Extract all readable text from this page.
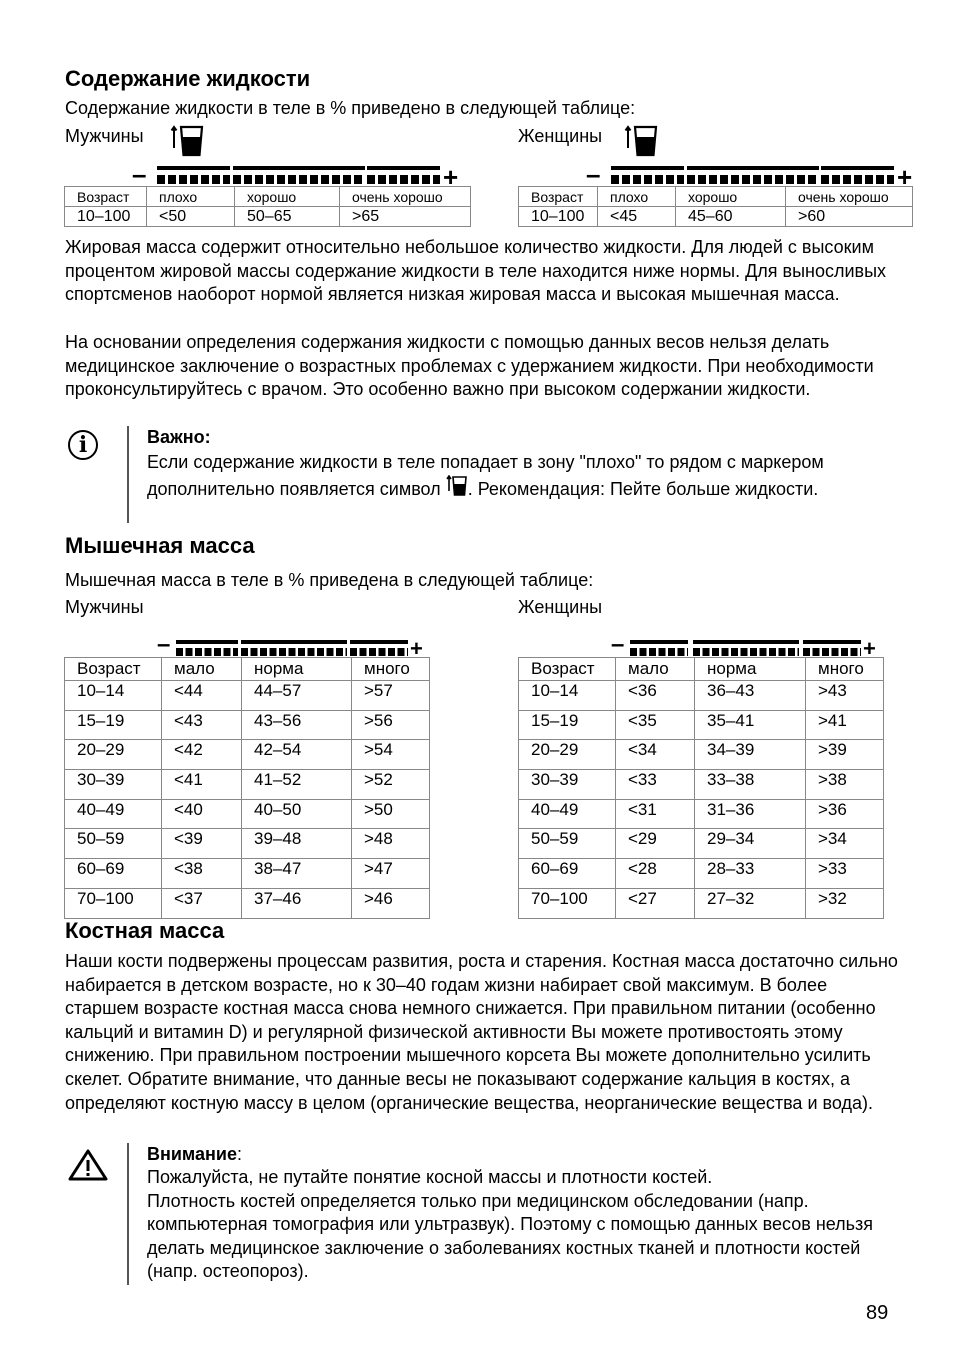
Содержание жидкости
Содержание жидкости в теле в % приведено в следующей таблице:
Мужчины	Женщины
–	+
Возраст	плохо	хорошо	очень хорошо
10–100	<50	50–65	>65
–	+
Возраст	плохо	хорошо	очень хорошо
10–100	<45	45–60	>60
Жировая масса содержит относительно небольшое количество жидкости. Для людей с высоким процентом жировой массы содержание жидкости в теле находится ниже нормы. Для выносливых спортсменов наоборот нормой является низкая жировая масса и высокая мышечная масса.
На основании определения содержания жидкости с помощью данных весов нельзя делать медицинское заключение о возрастных проблемах с удержанием жидкости. При необходимости проконсультируйтесь с врачом. Это особенно важно при высоком содержании жидкости.
i	Важно:
Если содержание жидкости в теле попадает в зону "плохо" то рядом с маркером дополнительно появляется символ . Рекомендация: Пейте больше жидкости.
Мышечная масса
Мышечная масса в теле в % приведена в следующей таблице:
Мужчины	Женщины
–	+
Возраст	мало	норма	много
10–14	<44	44–57	>57
15–19	<43	43–56	>56
20–29	<42	42–54	>54
30–39	<41	41–52	>52
40–49	<40	40–50	>50
50–59	<39	39–48	>48
60–69	<38	38–47	>47
70–100	<37	37–46	>46
–	+
Возраст	мало	норма	много
10–14	<36	36–43	>43
15–19	<35	35–41	>41
20–29	<34	34–39	>39
30–39	<33	33–38	>38
40–49	<31	31–36	>36
50–59	<29	29–34	>34
60–69	<28	28–33	>33
70–100	<27	27–32	>32
Костная масса
Наши кости подвержены процессам развития, роста и старения. Костная масса достаточно сильно набирается в детском возрасте, но к 30–40 годам жизни набирает свой максимум. В более старшем возрасте костная масса снова немного снижается. При правильном питании (особенно кальций и витамин D) и регулярной физической активности Вы можете противостоять этому снижению. При правильном построении мышечного корсета Вы можете дополнительно усилить скелет. Обратите внимание, что данные весы не показывают содержание кальция в костях, а определяют костную массу в целом (органические вещества, неорганические вещества и вода).
Внимание:
Пожалуйста, не путайте понятие косной массы и плотности костей.
Плотность костей определяется только при медицинском обследовании (напр. компьютерная томография или ультразвук). Поэтому с помощью данных весов нельзя делать медицинское заключение о заболеваниях костных тканей и плотности костей (напр. остеопороз).
89
